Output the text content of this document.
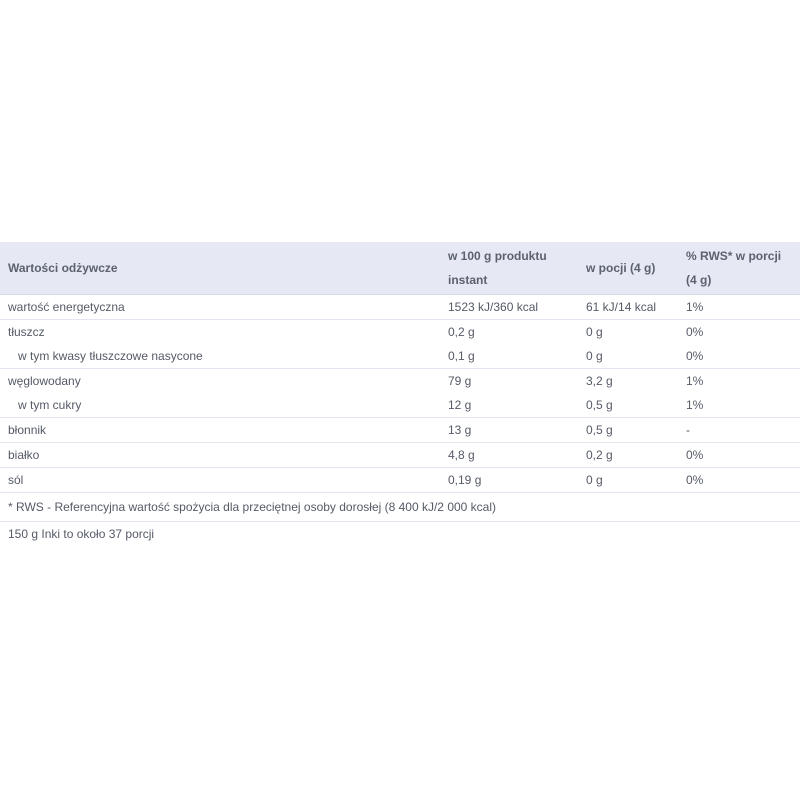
Wartości odżywcze	w 100 g produktu instant	w pocji (4 g)	% RWS* w porcji (4 g)
wartość energetyczna	1523 kJ/360 kcal	61 kJ/14 kcal	1%
tłuszcz	0,2 g	0 g	0%
w tym kwasy tłuszczowe nasycone	0,1 g	0 g	0%
węglowodany	79 g	3,2 g	1%
w tym cukry	12 g	0,5 g	1%
błonnik	13 g	0,5 g	-
białko	4,8 g	0,2 g	0%
sól	0,19 g	0 g	0%
* RWS - Referencyjna wartość spożycia dla przeciętnej osoby dorosłej (8 400 kJ/2 000 kcal)			
150 g Inki to około 37 porcji			
